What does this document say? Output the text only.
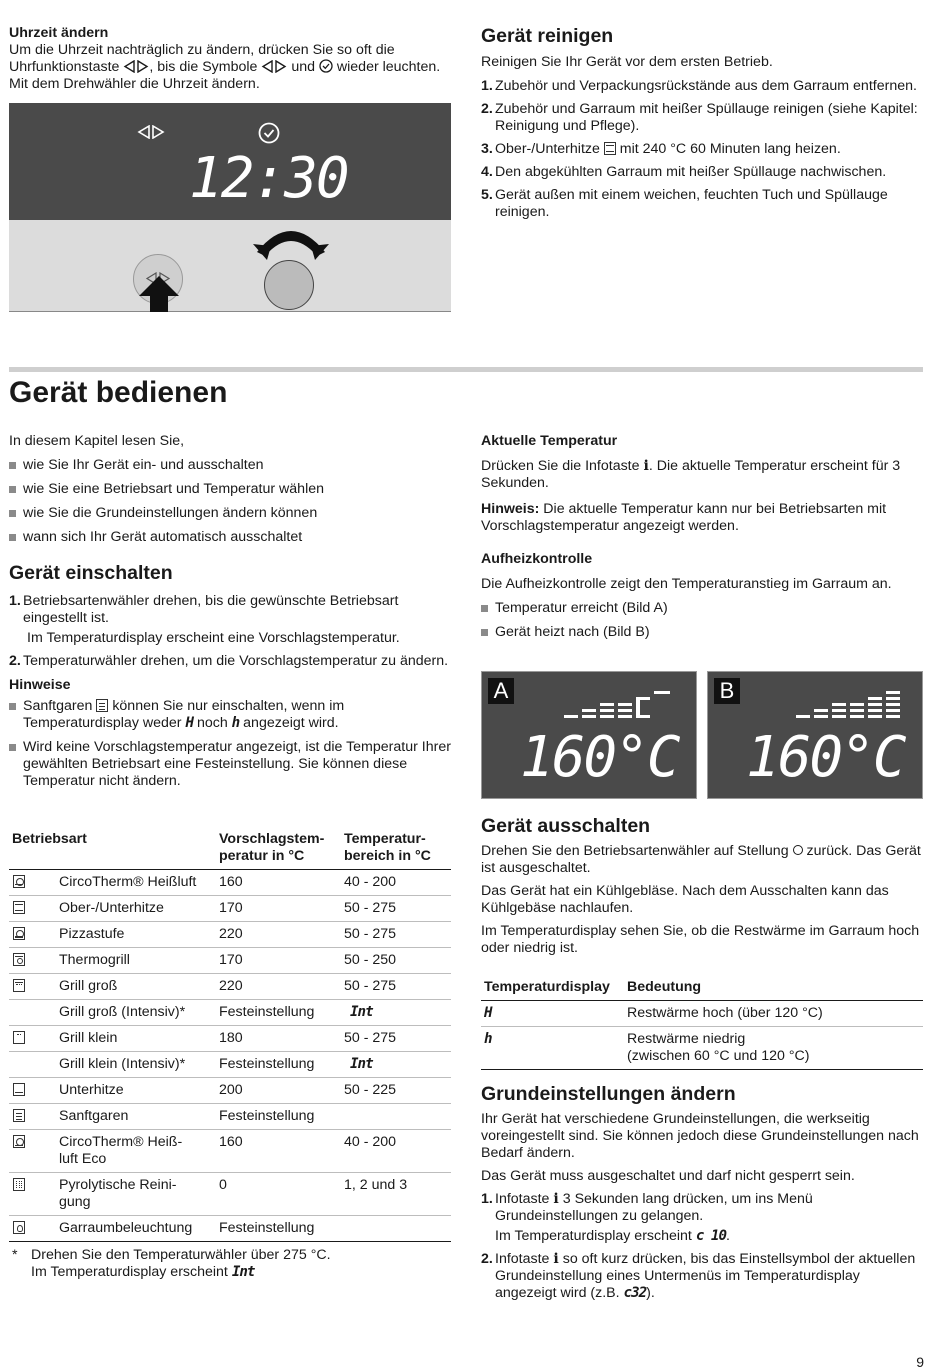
Uhrzeit ändern

Um die Uhrzeit nachträglich zu ändern, drücken Sie so oft die Uhrfunktionstaste , bis die Symbole und wieder leuchten. Mit dem Drehwähler die Uhrzeit ändern.

12:30
Gerät reinigen

Reinigen Sie Ihr Gerät vor dem ersten Betrieb.

1. Zubehör und Verpackungsrückstände aus dem Garraum entfernen.
2. Zubehör und Garraum mit heißer Spüllauge reinigen (siehe Kapitel: Reinigung und Pflege).
3. Ober-/Unterhitze mit 240 °C 60 Minuten lang heizen.
4. Den abgekühlten Garraum mit heißer Spüllauge nachwischen.
5. Gerät außen mit einem weichen, feuchten Tuch und Spüllauge reinigen.
Gerät bedienen

In diesem Kapitel lesen Sie,

wie Sie Ihr Gerät ein- und ausschalten
wie Sie eine Betriebsart und Temperatur wählen
wie Sie die Grundeinstellungen ändern können
wann sich Ihr Gerät automatisch ausschaltet
Gerät einschalten
1. Betriebsartenwähler drehen, bis die gewünschte Betriebsart eingestellt ist.
Im Temperaturdisplay erscheint eine Vorschlagstemperatur.
2. Temperaturwähler drehen, um die Vorschlagstemperatur zu ändern.
Hinweise
Sanftgaren können Sie nur einschalten, wenn im Temperaturdisplay weder H noch h angezeigt wird.
Wird keine Vorschlagstemperatur angezeigt, ist die Temperatur Ihrer gewählten Betriebsart eine Festeinstellung. Sie können diese Temperatur nicht ändern.
Betriebsart		Vorschlagstem-
peratur in °C	Temperatur-
bereich in °C

	CircoTherm® Heißluft	160	40 - 200

	Ober-/Unterhitze	170	50 - 275

	Pizzastufe	220	50 - 275

	Thermogrill	170	50 - 250

	Grill groß	220	50 - 275
	Grill groß (Intensiv)*	Festeinstellung	Int

	Grill klein	180	50 - 275
	Grill klein (Intensiv)*	Festeinstellung	Int

	Unterhitze	200	50 - 225

	Sanftgaren	Festeinstellung	

	CircoTherm® Heiß-
luft Eco	160	40 - 200

	Pyrolytische Reini-
gung	0	1, 2 und 3

	Garraumbeleuchtung	Festeinstellung	
* Drehen Sie den Temperaturwähler über 275 °C.
Im Temperaturdisplay erscheint Int
Aktuelle Temperatur

Drücken Sie die Infotaste i. Die aktuelle Temperatur erscheint für 3 Sekunden.

Hinweis: Die aktuelle Temperatur kann nur bei Betriebsarten mit Vorschlagstemperatur angezeigt werden.

Aufheizkontrolle

Die Aufheizkontrolle zeigt den Temperaturanstieg im Garraum an.

Temperatur erreicht (Bild A)
Gerät heizt nach (Bild B)
A
160°C
B
160°C
Gerät ausschalten

Drehen Sie den Betriebsartenwähler auf Stellung zurück. Das Gerät ist ausgeschaltet.

Das Gerät hat ein Kühlgebläse. Nach dem Ausschalten kann das Kühlgebäse nachlaufen.

Im Temperaturdisplay sehen Sie, ob die Restwärme im Garraum hoch oder niedrig ist.

Temperaturdisplay	Bedeutung
H	Restwärme hoch (über 120 °C)
h	Restwärme niedrig
(zwischen 60 °C und 120 °C)
Grundeinstellungen ändern

Ihr Gerät hat verschiedene Grundeinstellungen, die werkseitig voreingestellt sind. Sie können jedoch diese Grundeinstellungen nach Bedarf ändern.

Das Gerät muss ausgeschaltet und darf nicht gesperrt sein.

1. Infotaste i 3 Sekunden lang drücken, um ins Menü Grundeinstellungen zu gelangen.
Im Temperaturdisplay erscheint c 10.
2. Infotaste i so oft kurz drücken, bis das Einstellsymbol der aktuellen Grundeinstellung eines Untermenüs im Temperaturdisplay angezeigt wird (z.B. c32).
9
